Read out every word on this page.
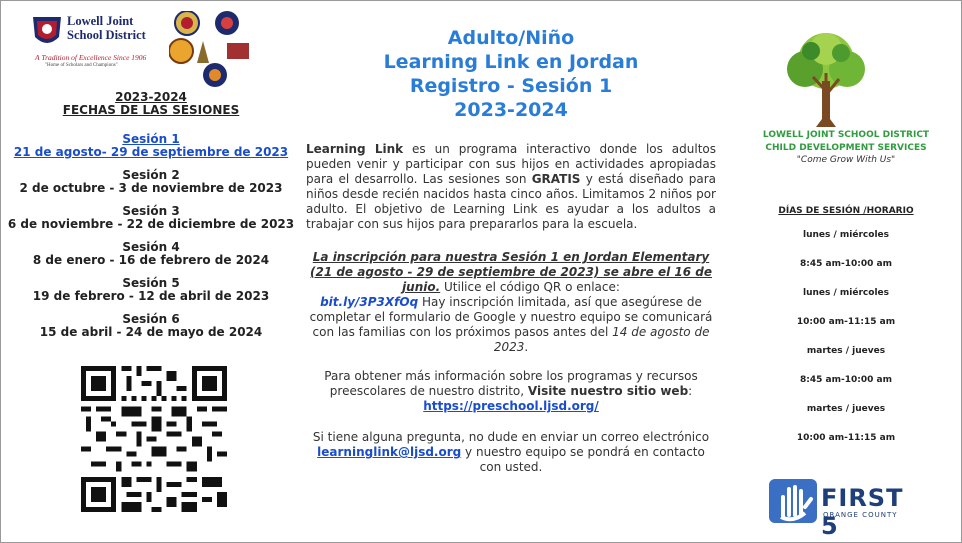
Lowell Joint
School District
A Tradition of Excellence Since 1906
"Home of Scholars and Champions"
2023-2024
FECHAS DE LAS SESIONES
Sesión 1
21 de agosto- 29 de septiembre de 2023
Sesión 2
2 de octubre - 3 de noviembre de 2023
Sesión 3
6 de noviembre - 22 de diciembre de 2023
Sesión 4
8 de enero - 16 de febrero de 2024
Sesión 5
19 de febrero - 12 de abril de 2023
Sesión 6
15 de abril - 24 de mayo de 2024
Adulto/Niño
Learning Link en Jordan
Registro - Sesión 1
2023-2024
Learning Link es un programa interactivo donde los adultos pueden venir y participar con sus hijos en actividades apropiadas para el desarrollo. Las sesiones son GRATIS y está diseñado para niños desde recién nacidos hasta cinco años. Limitamos 2 niños por adulto. El objetivo de Learning Link es ayudar a los adultos a trabajar con sus hijos para prepararlos para la escuela.
La inscripción para nuestra Sesión 1 en Jordan Elementary (21 de agosto - 29 de septiembre de 2023) se abre el 16 de junio. Utilice el código QR o enlace:
bit.ly/3P3XfOq Hay inscripción limitada, así que asegúrese de completar el formulario de Google y nuestro equipo se comunicará con las familias con los próximos pasos antes del 14 de agosto de 2023.
Para obtener más información sobre los programas y recursos preescolares de nuestro distrito, Visite nuestro sitio web: https://preschool.ljsd.org/
Si tiene alguna pregunta, no dude en enviar un correo electrónico learninglink@ljsd.org y nuestro equipo se pondrá en contacto con usted.
LOWELL JOINT SCHOOL DISTRICT
CHILD DEVELOPMENT SERVICES
"Come Grow With Us"
DÍAS DE SESIÓN /HORARIO
lunes / miércoles
8:45 am-10:00 am
lunes / miércoles
10:00 am-11:15 am
martes / jueves
8:45 am-10:00 am
martes / jueves
10:00 am-11:15 am
FIRST 5
ORANGE COUNTY
